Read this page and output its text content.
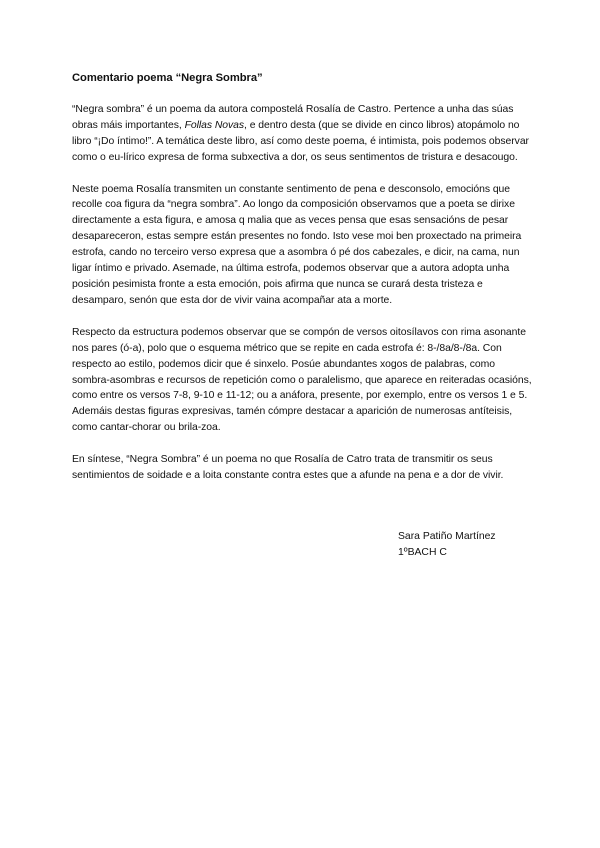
Comentario poema “Negra Sombra”
“Negra sombra” é un poema da autora compostelá Rosalía de Castro. Pertence a unha das súas obras máis importantes, Follas Novas, e dentro desta (que se divide en cinco libros) atopámolo no libro “¡Do íntimo!”. A temática deste libro, así como deste poema, é intimista, pois podemos observar como o eu-lírico expresa de forma subxectiva a dor, os seus sentimentos de tristura e desacougo.
Neste poema Rosalía transmiten un constante sentimento de pena e desconsolo, emocións que recolle coa figura da “negra sombra”. Ao longo da composición observamos que a poeta se dirixe directamente a esta figura, e amosa q malia que as veces pensa que esas sensacións de pesar desapareceron, estas sempre están presentes no fondo. Isto vese moi ben proxectado na primeira estrofa, cando no terceiro verso expresa que a asombra ó pé dos cabezales, e dicir, na cama, nun ligar íntimo e privado. Asemade, na última estrofa, podemos observar que a autora adopta unha posición pesimista fronte a esta emoción, pois afirma que nunca se curará desta tristeza e desamparo, senón que esta dor de vivir vaina acompañar ata a morte.
Respecto da estructura podemos observar que se compón de versos oitosílavos con rima asonante nos pares (ó-a), polo que o esquema métrico que se repite en cada estrofa é: 8-/8a/8-/8a. Con respecto ao estilo, podemos dicir que é sinxelo. Posúe abundantes xogos de palabras, como sombra-asombras e recursos de repetición como o paralelismo, que aparece en reiteradas ocasións, como entre os versos 7-8, 9-10 e 11-12; ou a anáfora, presente, por exemplo, entre os versos 1 e 5. Ademáis destas figuras expresivas, tamén cómpre destacar a aparición de numerosas antíteisis, como cantar-chorar ou brila-zoa.
En síntese, “Negra Sombra” é un poema no que Rosalía de Catro trata de transmitir os seus sentimientos de soidade e a loita constante contra estes que a afunde na pena e a dor de vivir.
Sara Patiño Martínez
1ºBACH C
